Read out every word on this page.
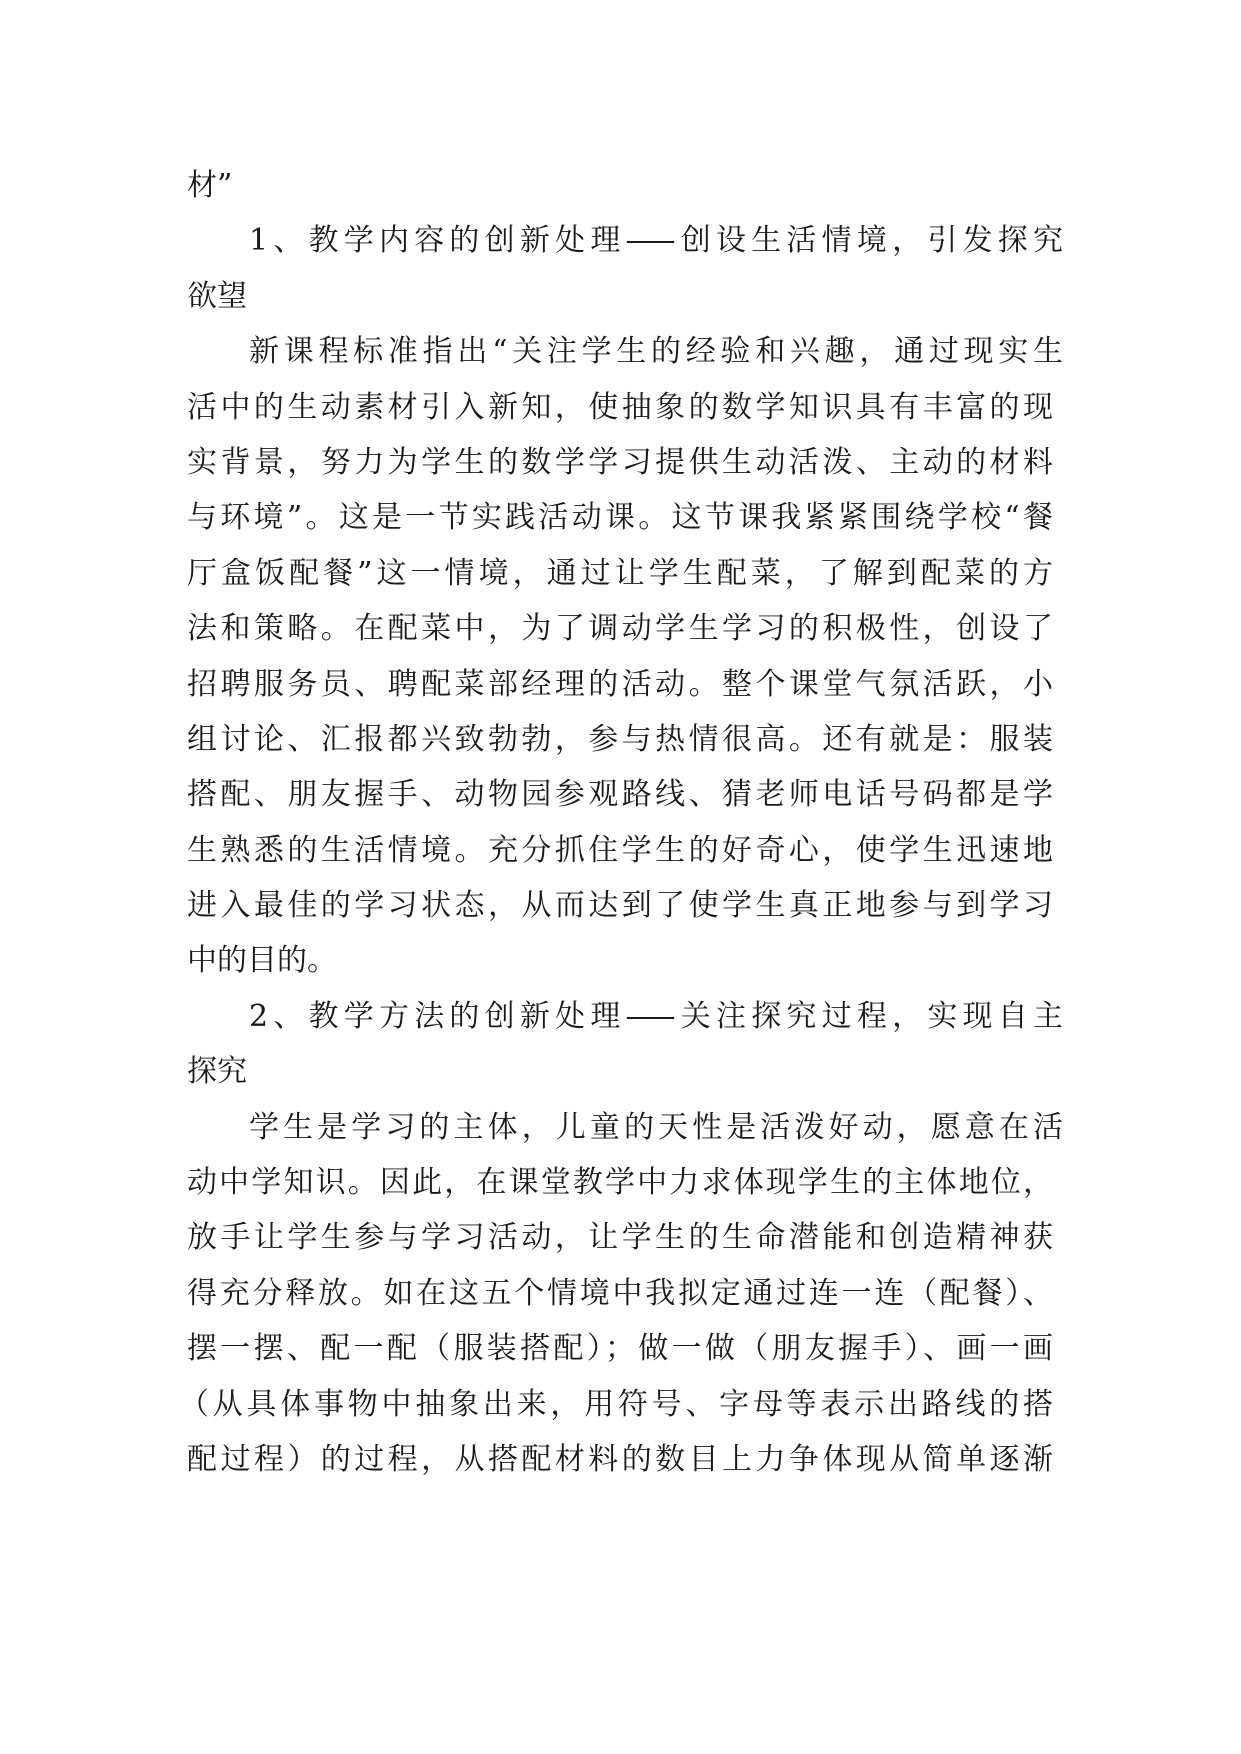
材”
1、教学内容的创新处理——创设生活情境，引发探究
欲望
新课程标准指出“关注学生的经验和兴趣，通过现实生
活中的生动素材引入新知，使抽象的数学知识具有丰富的现
实背景，努力为学生的数学学习提供生动活泼、主动的材料
与环境”。这是一节实践活动课。这节课我紧紧围绕学校“餐
厅盒饭配餐”这一情境，通过让学生配菜，了解到配菜的方
法和策略。在配菜中，为了调动学生学习的积极性，创设了
招聘服务员、聘配菜部经理的活动。整个课堂气氛活跃，小
组讨论、汇报都兴致勃勃，参与热情很高。还有就是：服装
搭配、朋友握手、动物园参观路线、猜老师电话号码都是学
生熟悉的生活情境。充分抓住学生的好奇心，使学生迅速地
进入最佳的学习状态，从而达到了使学生真正地参与到学习
中的目的。
2、教学方法的创新处理——关注探究过程，实现自主
探究
学生是学习的主体，儿童的天性是活泼好动，愿意在活
动中学知识。因此，在课堂教学中力求体现学生的主体地位，
放手让学生参与学习活动，让学生的生命潜能和创造精神获
得充分释放。如在这五个情境中我拟定通过连一连（配餐）、
摆一摆、配一配（服装搭配）；做一做（朋友握手）、画一画
（从具体事物中抽象出来，用符号、字母等表示出路线的搭
配过程）的过程，从搭配材料的数目上力争体现从简单逐渐
